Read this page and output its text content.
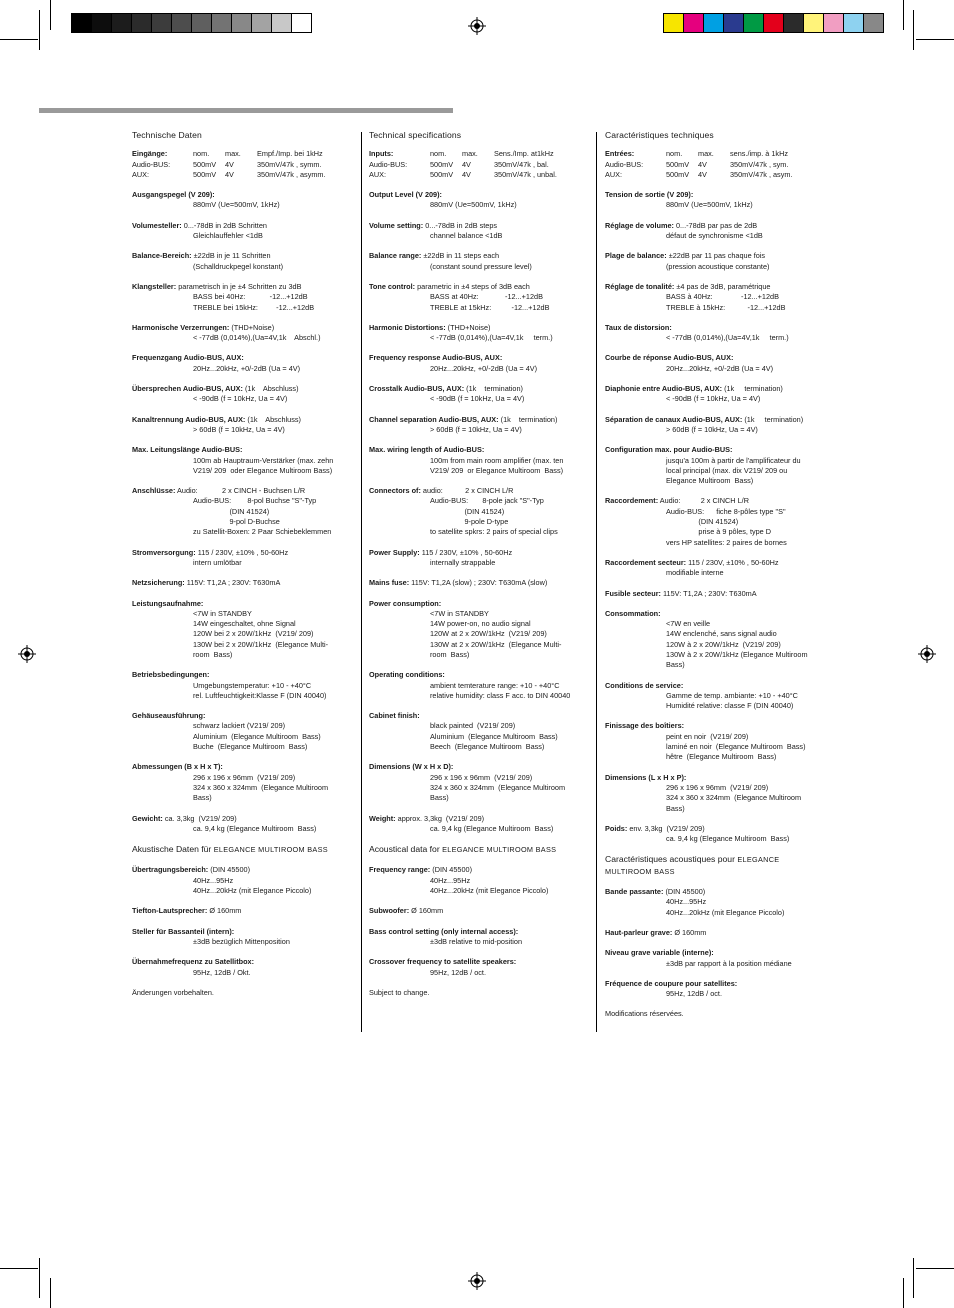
Technische Daten
Eingänge:	nom.	max.	Empf./Imp. bei 1kHz
Audio-BUS:	500mV	4V	350mV/47k , symm.
AUX:	500mV	4V	350mV/47k , asymm.
Ausgangspegel (V 209):
880mV (Ue=500mV, 1kHz)
Volumesteller: 0...-78dB in 2dB Schritten
Gleichlauffehler <1dB
Balance-Bereich: ±22dB in je 11 Schritten
(Schalldruckpegel konstant)
Klangsteller: parametrisch in je ±4 Schritten zu 3dB
BASS bei 40Hz:            -12...+12dB
TREBLE bei 15kHz:         -12...+12dB
Harmonische Verzerrungen: (THD+Noise)
< -77dB (0,014%),(Ua=4V,1k    Abschl.)
Frequenzgang Audio-BUS, AUX:
20Hz...20kHz, +0/-2dB (Ua = 4V)
Übersprechen Audio-BUS, AUX: (1k    Abschluss)
< -90dB (f = 10kHz, Ua = 4V)
Kanaltrennung Audio-BUS, AUX: (1k    Abschluss)
> 60dB (f = 10kHz, Ua = 4V)
Max. Leitungslänge Audio-BUS:
100m ab Hauptraum-Verstärker (max. zehn
V219/ 209  oder Elegance Multiroom Bass)
Anschlüsse: Audio:            2 x CINCH - Buchsen L/R
Audio-BUS:        8-pol Buchse "S"-Typ
(DIN 41524)
9-pol D-Buchse
zu Satellit-Boxen: 2 Paar Schiebeklemmen
Stromversorgung: 115 / 230V, ±10% , 50-60Hz
intern umlötbar
Netzsicherung: 115V: T1,2A ; 230V: T630mA
Leistungsaufnahme:
<7W in STANDBY
14W eingeschaltet, ohne Signal
120W bei 2 x 20W/1kHz  (V219/ 209)
130W bei 2 x 20W/1kHz  (Elegance Multi-
room  Bass)
Betriebsbedingungen:
Umgebungstemperatur: +10 - +40°C
rel. Luftfeuchtigkeit:Klasse F (DIN 40040)
Gehäuseausführung:
schwarz lackiert (V219/ 209)
Aluminium  (Elegance Multiroom  Bass)
Buche  (Elegance Multiroom  Bass)
Abmessungen (B x H x T):
296 x 196 x 96mm  (V219/ 209)
324 x 360 x 324mm  (Elegance Multiroom
Bass)
Gewicht: ca. 3,3kg  (V219/ 209)
ca. 9,4 kg (Elegance Multiroom  Bass)
Akustische Daten für ELEGANCE MULTIROOM BASS
Übertragungsbereich: (DIN 45500)
40Hz...95Hz
40Hz...20kHz (mit Elegance Piccolo)
Tiefton-Lautsprecher: Ø 160mm
Steller für Bassanteil (intern):
±3dB bezüglich Mittenposition
Übernahmefrequenz zu Satellitbox:
95Hz, 12dB / Okt.
Änderungen vorbehalten.
Technical specifications
Inputs:	nom.	max.	Sens./Imp. at1kHz
Audio-BUS:	500mV	4V	350mV/47k , bal.
AUX:	500mV	4V	350mV/47k , unbal.
Output Level (V 209):
880mV (Ue=500mV, 1kHz)
Volume setting: 0...-78dB in 2dB steps
channel balance <1dB
Balance range: ±22dB in 11 steps each
(constant sound pressure level)
Tone control: parametric in ±4 steps of 3dB each
BASS at 40Hz:             -12...+12dB
TREBLE at 15kHz:          -12...+12dB
Harmonic Distortions: (THD+Noise)
< -77dB (0,014%),(Ua=4V,1k     term.)
Frequency response Audio-BUS, AUX:
20Hz...20kHz, +0/-2dB (Ua = 4V)
Crosstalk Audio-BUS, AUX: (1k    termination)
< -90dB (f = 10kHz, Ua = 4V)
Channel separation Audio-BUS, AUX: (1k    termination)
> 60dB (f = 10kHz, Ua = 4V)
Max. wiring length of Audio-BUS:
100m from main room amplifier (max. ten
V219/ 209  or Elegance Multiroom  Bass)
Connectors of: audio:           2 x CINCH L/R
Audio-BUS:       8-pole jack "S"-Typ
(DIN 41524)
9-pole D-type
to satellite spkrs: 2 pairs of special clips
Power Supply: 115 / 230V, ±10% , 50-60Hz
internally strappable
Mains fuse: 115V: T1,2A (slow) ; 230V: T630mA (slow)
Power consumption:
<7W in STANDBY
14W power-on, no audio signal
120W at 2 x 20W/1kHz  (V219/ 209)
130W at 2 x 20W/1kHz  (Elegance Multi-
room  Bass)
Operating conditions:
ambient temterature range: +10 - +40°C
relative humidity: class F acc. to DIN 40040
Cabinet finish:
black painted  (V219/ 209)
Aluminium  (Elegance Multiroom  Bass)
Beech  (Elegance Multiroom  Bass)
Dimensions (W x H x D):
296 x 196 x 96mm  (V219/ 209)
324 x 360 x 324mm  (Elegance Multiroom
Bass)
Weight: approx. 3,3kg  (V219/ 209)
ca. 9,4 kg (Elegance Multiroom  Bass)
Acoustical data for ELEGANCE MULTIROOM BASS
Frequency range: (DIN 45500)
40Hz...95Hz
40Hz...20kHz (mit Elegance Piccolo)
Subwoofer: Ø 160mm
Bass control setting (only internal access):
±3dB relative to mid-position
Crossover frequency to satellite speakers:
95Hz, 12dB / oct.
Subject to change.
Caractéristiques techniques
Entrées:	nom.	max.	sens./imp. à 1kHz
Audio-BUS:	500mV	4V	350mV/47k , sym.
AUX:	500mV	4V	350mV/47k , asym.
Tension de sortie (V 209):
880mV (Ue=500mV, 1kHz)
Réglage de volume: 0...-78dB par pas de 2dB
défaut de synchronisme <1dB
Plage de balance: ±22dB par 11 pas chaque fois
(pression acoustique constante)
Réglage de tonalité: ±4 pas de 3dB, paramétrique
BASS à 40Hz:              -12...+12dB
TREBLE à 15kHz:           -12...+12dB
Taux de distorsion:
< -77dB (0,014%),(Ua=4V,1k     term.)
Courbe de réponse Audio-BUS, AUX:
20Hz...20kHz, +0/-2dB (Ua = 4V)
Diaphonie entre Audio-BUS, AUX: (1k     termination)
< -90dB (f = 10kHz, Ua = 4V)
Séparation de canaux Audio-BUS, AUX: (1k     termination)
> 60dB (f = 10kHz, Ua = 4V)
Configuration max. pour Audio-BUS:
jusqu'a 100m à partir de l'amplificateur du
local principal (max. dix V219/ 209 ou
Elegance Multiroom  Bass)
Raccordement: Audio:          2 x CINCH L/R
Audio-BUS:      fiche 8-pôles type "S"
(DIN 41524)
prise à 9 pôles, type D
vers HP satellites: 2 paires de bornes
Raccordement secteur: 115 / 230V, ±10% , 50-60Hz
modifiable interne
Fusible secteur: 115V: T1,2A ; 230V: T630mA
Consommation:
<7W en veille
14W enclenché, sans signal audio
120W à 2 x 20W/1kHz  (V219/ 209)
130W à 2 x 20W/1kHz (Elegance Multiroom
Bass)
Conditions de service:
Gamme de temp. ambiante: +10 - +40°C
Humidité relative: classe F (DIN 40040)
Finissage des boîtiers:
peint en noir  (V219/ 209)
laminé en noir  (Elegance Multiroom  Bass)
hêtre  (Elegance Multiroom  Bass)
Dimensions (L x H x P):
296 x 196 x 96mm  (V219/ 209)
324 x 360 x 324mm  (Elegance Multiroom
Bass)
Poids: env. 3,3kg  (V219/ 209)
ca. 9,4 kg (Elegance Multiroom  Bass)
Caractéristiques acoustiques pour ELEGANCE MULTIROOM BASS
Bande passante: (DIN 45500)
40Hz...95Hz
40Hz...20kHz (mit Elegance Piccolo)
Haut-parleur grave: Ø 160mm
Niveau grave variable (interne):
±3dB par rapport à la position médiane
Fréquence de coupure pour satellites:
95Hz, 12dB / oct.
Modifications réservées.
